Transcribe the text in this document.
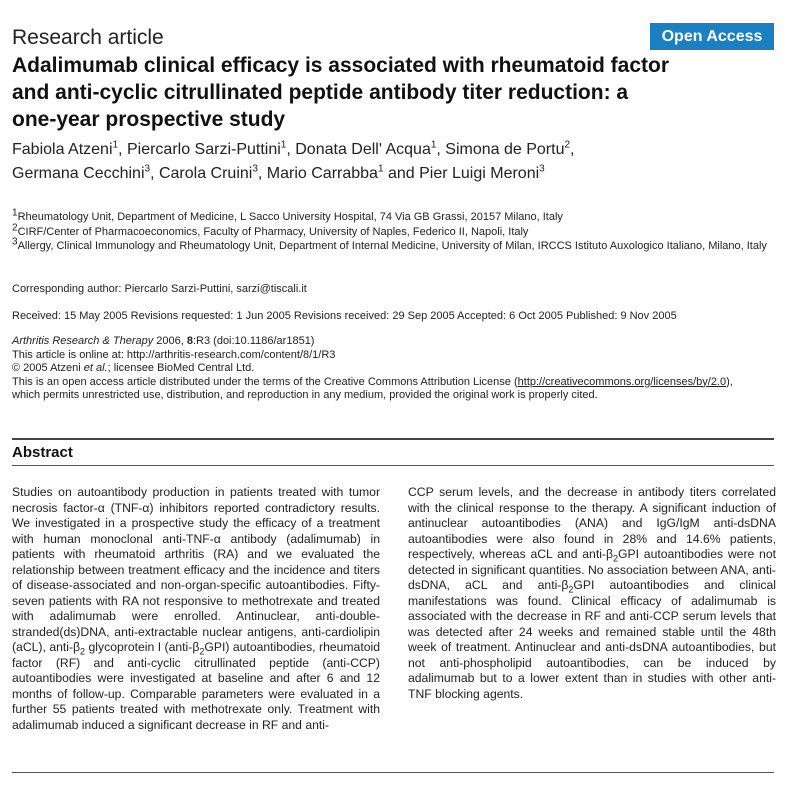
Research article	Open Access
Adalimumab clinical efficacy is associated with rheumatoid factor
and anti-cyclic citrullinated peptide antibody titer reduction: a
one-year prospective study
Fabiola Atzeni$^1$, Piercarlo Sarzi-Puttini$^1$, Donata Dell' Acqua$^1$, Simona de Portu$^2$,
Germana Cecchini$^3$, Carola Cruini$^3$, Mario Carrabba$^1$ and Pier Luigi Meroni$^3$
$^1$Rheumatology Unit, Department of Medicine, L Sacco University Hospital, 74 Via GB Grassi, 20157 Milano, Italy
$^2$CIRF/Center of Pharmacoeconomics, Faculty of Pharmacy, University of Naples, Federico II, Napoli, Italy
$^3$Allergy, Clinical Immunology and Rheumatology Unit, Department of Internal Medicine, University of Milan, IRCCS Istituto Auxologico Italiano, Milano, Italy
Corresponding author: Piercarlo Sarzi-Puttini, sarzi@tiscali.it
Received: 15 May 2005 Revisions requested: 1 Jun 2005 Revisions received: 29 Sep 2005 Accepted: 6 Oct 2005 Published: 9 Nov 2005
Arthritis Research & Therapy 2006, 8:R3 (doi:10.1186/ar1851)
This article is online at: http://arthritis-research.com/content/8/1/R3
© 2005 Atzeni et al.; licensee BioMed Central Ltd.
This is an open access article distributed under the terms of the Creative Commons Attribution License (http://creativecommons.org/licenses/by/2.0),
which permits unrestricted use, distribution, and reproduction in any medium, provided the original work is properly cited.
Abstract
Studies on autoantibody production in patients treated with tumor necrosis factor-α (TNF-α) inhibitors reported contradictory results. We investigated in a prospective study the efficacy of a treatment with human monoclonal anti-TNF-α antibody (adalimumab) in patients with rheumatoid arthritis (RA) and we evaluated the relationship between treatment efficacy and the incidence and titers of disease-associated and non-organ-specific autoantibodies. Fifty-seven patients with RA not responsive to methotrexate and treated with adalimumab were enrolled. Antinuclear, anti-double-stranded(ds)DNA, anti-extractable nuclear antigens, anti-cardiolipin (aCL), anti-$\beta_2$ glycoprotein I $(anti-\beta_2GPI)$ autoantibodies, rheumatoid factor (RF) and anti-cyclic citrullinated peptide (anti-CCP) autoantibodies were investigated at baseline and after 6 and 12 months of follow-up. Comparable parameters were evaluated in a further 55 patients treated with methotrexate only. Treatment with adalimumab induced a significant decrease in RF and anti-
CCP serum levels, and the decrease in antibody titers correlated with the clinical response to the therapy. A significant induction of antinuclear autoantibodies (ANA) and IgG/IgM anti-dsDNA autoantibodies were also found in 28% and 14.6% patients, respectively, whereas aCL and anti-$\beta_2GPI$ autoantibodies were not detected in significant quantities. No association between ANA, anti-dsDNA, aCL and anti-$\beta_2GPI$ autoantibodies and clinical manifestations was found. Clinical efficacy of adalimumab is associated with the decrease in RF and anti-CCP serum levels that was detected after 24 weeks and remained stable until the 48th week of treatment. Antinuclear and anti-dsDNA autoantibodies, but not anti-phospholipid autoantibodies, can be induced by adalimumab but to a lower extent than in studies with other anti-TNF blocking agents.
